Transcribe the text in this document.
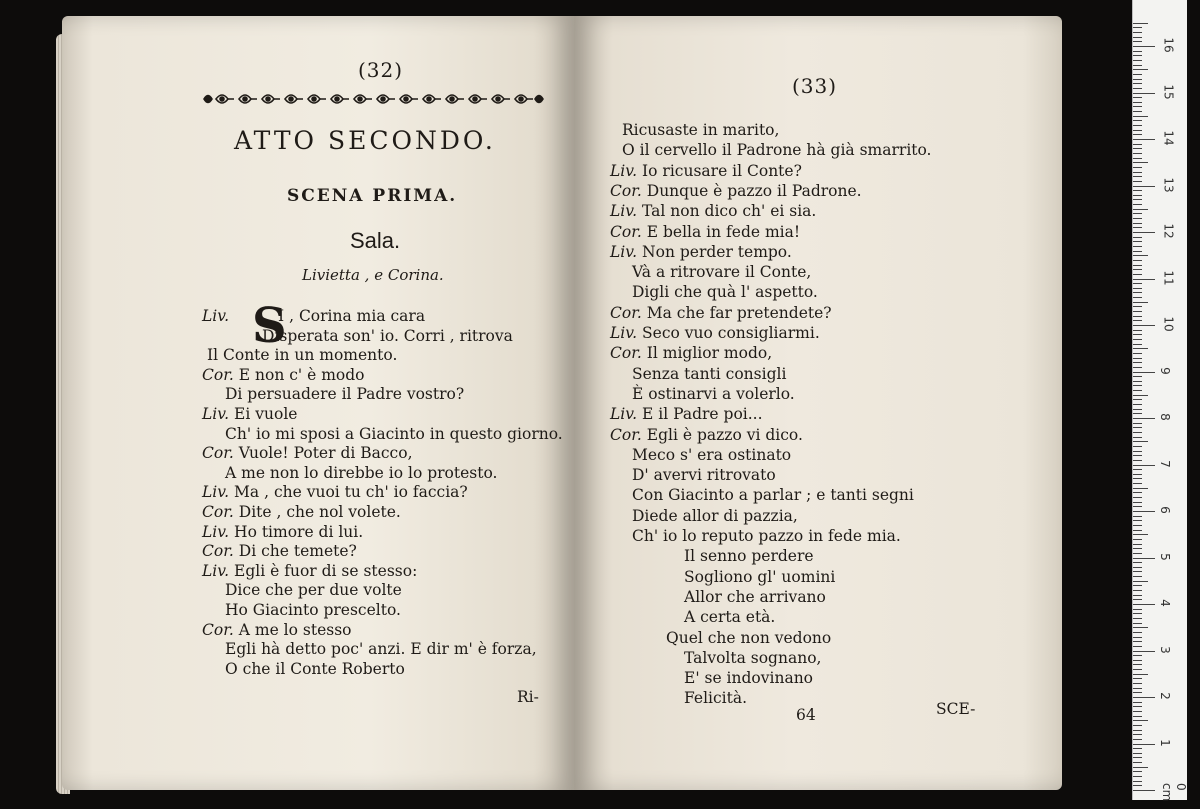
(32)
ATTO SECONDO.
SCENA PRIMA.
Sala.
Livietta , e Corina.
S
Liv.	I , Corina mia cara
Disperata son' io. Corri , ritrova
Il Conte in un momento.
Cor. E non c' è modo
Di persuadere il Padre vostro?
Liv. Ei vuole
Ch' io mi sposi a Giacinto in questo giorno.
Cor. Vuole! Poter di Bacco,
A me non lo direbbe io lo protesto.
Liv. Ma , che vuoi tu ch' io faccia?
Cor. Dite , che nol volete.
Liv. Ho timore di lui.
Cor. Di che temete?
Liv. Egli è fuor di se stesso:
Dice che per due volte
Ho Giacinto prescelto.
Cor. A me lo stesso
Egli hà detto poc' anzi. E dir m' è forza,
O che il Conte Roberto
Ri-
(33)
Ricusaste in marito,
O il cervello il Padrone hà già smarrito.
Liv. Io ricusare il Conte?
Cor. Dunque è pazzo il Padrone.
Liv. Tal non dico ch' ei sia.
Cor. E bella in fede mia!
Liv. Non perder tempo.
Và a ritrovare il Conte,
Digli che quà l' aspetto.
Cor. Ma che far pretendete?
Liv. Seco vuo consigliarmi.
Cor. Il miglior modo,
Senza tanti consigli
È ostinarvi a volerlo.
Liv. E il Padre poi...
Cor. Egli è pazzo vi dico.
Meco s' era ostinato
D' avervi ritrovato
Con Giacinto a parlar ; e tanti segni
Diede allor di pazzia,
Ch' io lo reputo pazzo in fede mia.
Il senno perdere
Sogliono gl' uomini
Allor che arrivano
A certa età.
Quel che non vedono
Talvolta sognano,
E' se indovinano
Felicità.
64	SCE-
0 cm
1
2
3
4
5
6
7
8
9
10
11
12
13
14
15
16
